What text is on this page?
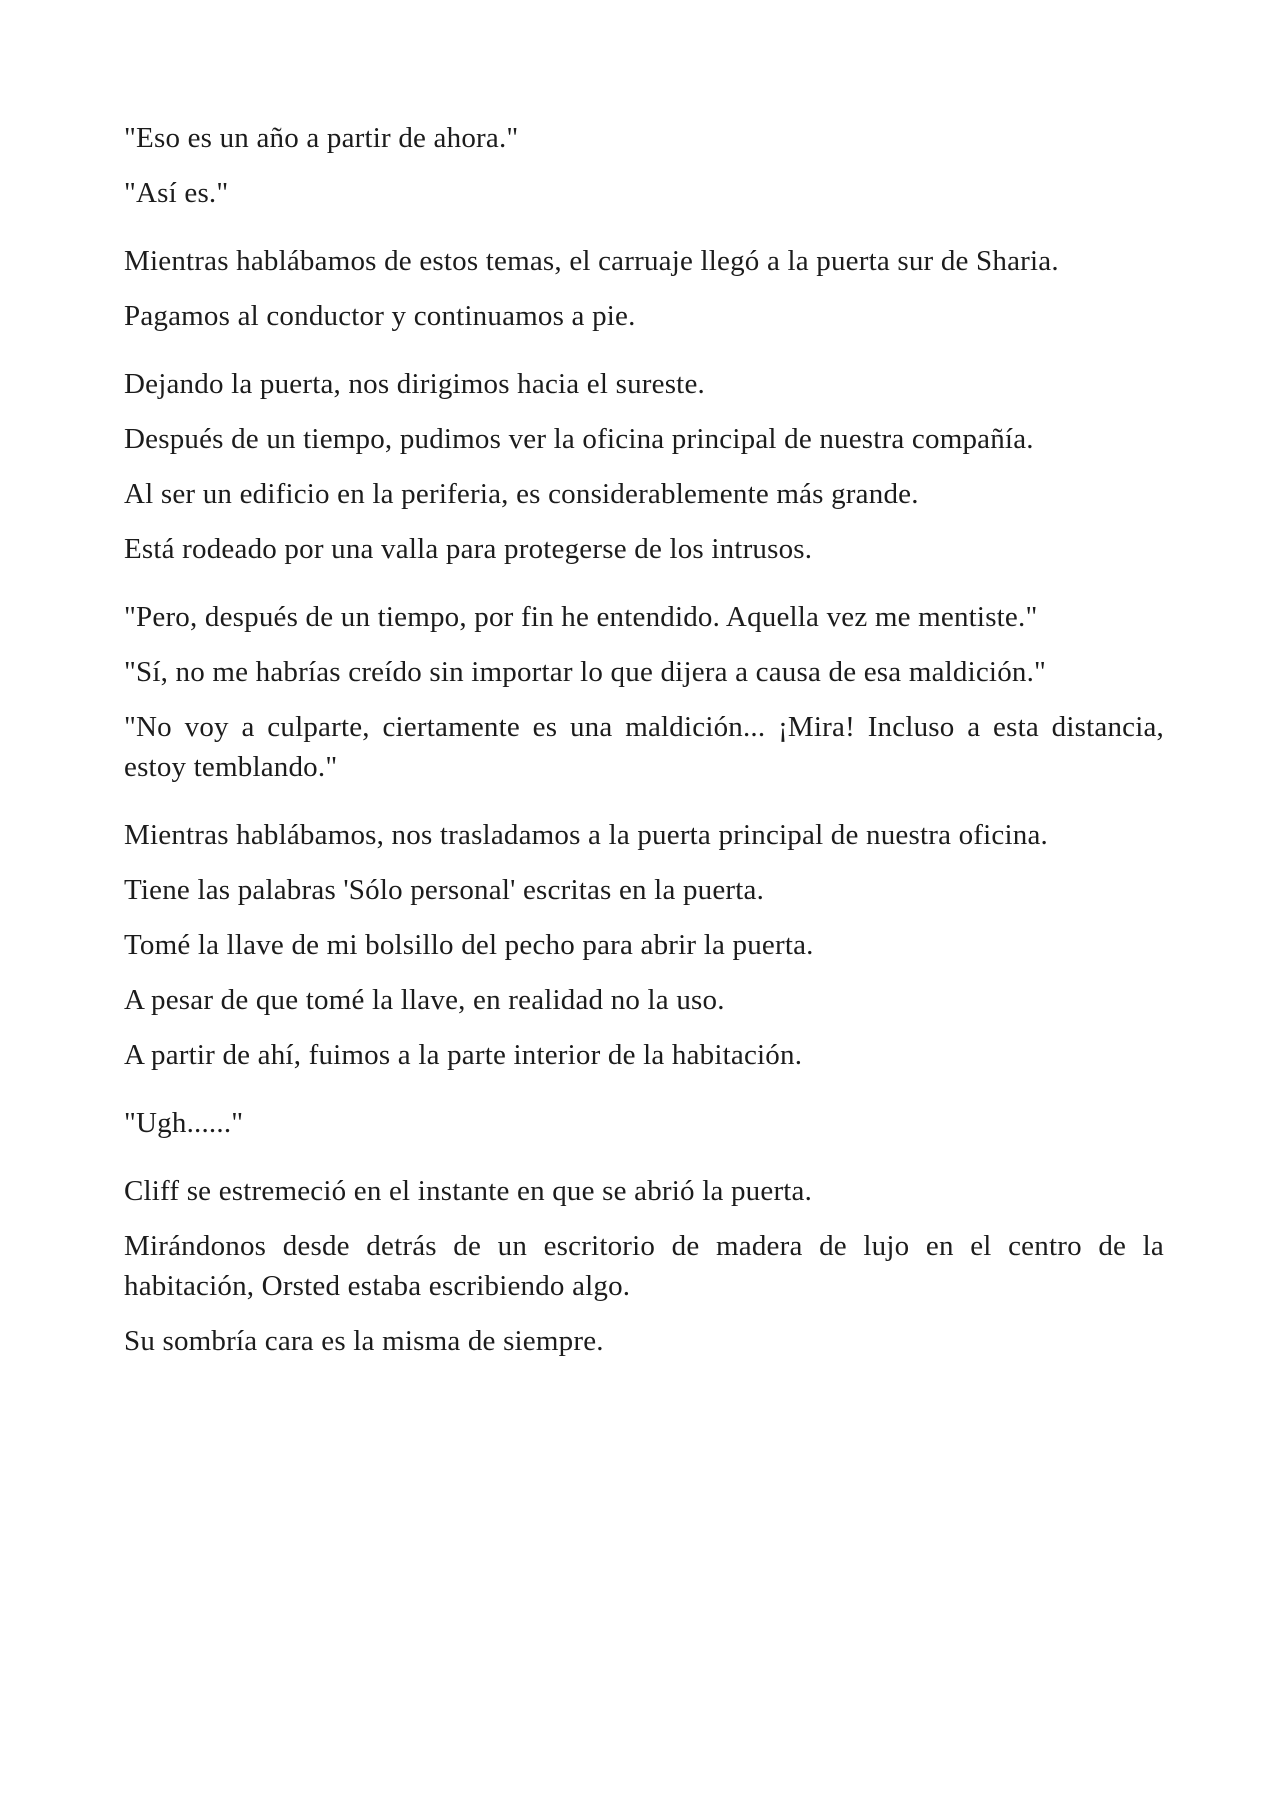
"Eso es un año a partir de ahora."

"Así es."

Mientras hablábamos de estos temas, el carruaje llegó a la puerta sur de Sharia.

Pagamos al conductor y continuamos a pie.

Dejando la puerta, nos dirigimos hacia el sureste.

Después de un tiempo, pudimos ver la oficina principal de nuestra compañía.

Al ser un edificio en la periferia, es considerablemente más grande.

Está rodeado por una valla para protegerse de los intrusos.

"Pero, después de un tiempo, por fin he entendido. Aquella vez me mentiste."

"Sí, no me habrías creído sin importar lo que dijera a causa de esa maldición."

"No voy a culparte, ciertamente es una maldición... ¡Mira! Incluso a esta distancia, estoy temblando."

Mientras hablábamos, nos trasladamos a la puerta principal de nuestra oficina.

Tiene las palabras 'Sólo personal' escritas en la puerta.

Tomé la llave de mi bolsillo del pecho para abrir la puerta.

A pesar de que tomé la llave, en realidad no la uso.

A partir de ahí, fuimos a la parte interior de la habitación.

"Ugh......"

Cliff se estremeció en el instante en que se abrió la puerta.

Mirándonos desde detrás de un escritorio de madera de lujo en el centro de la habitación, Orsted estaba escribiendo algo.

Su sombría cara es la misma de siempre.
